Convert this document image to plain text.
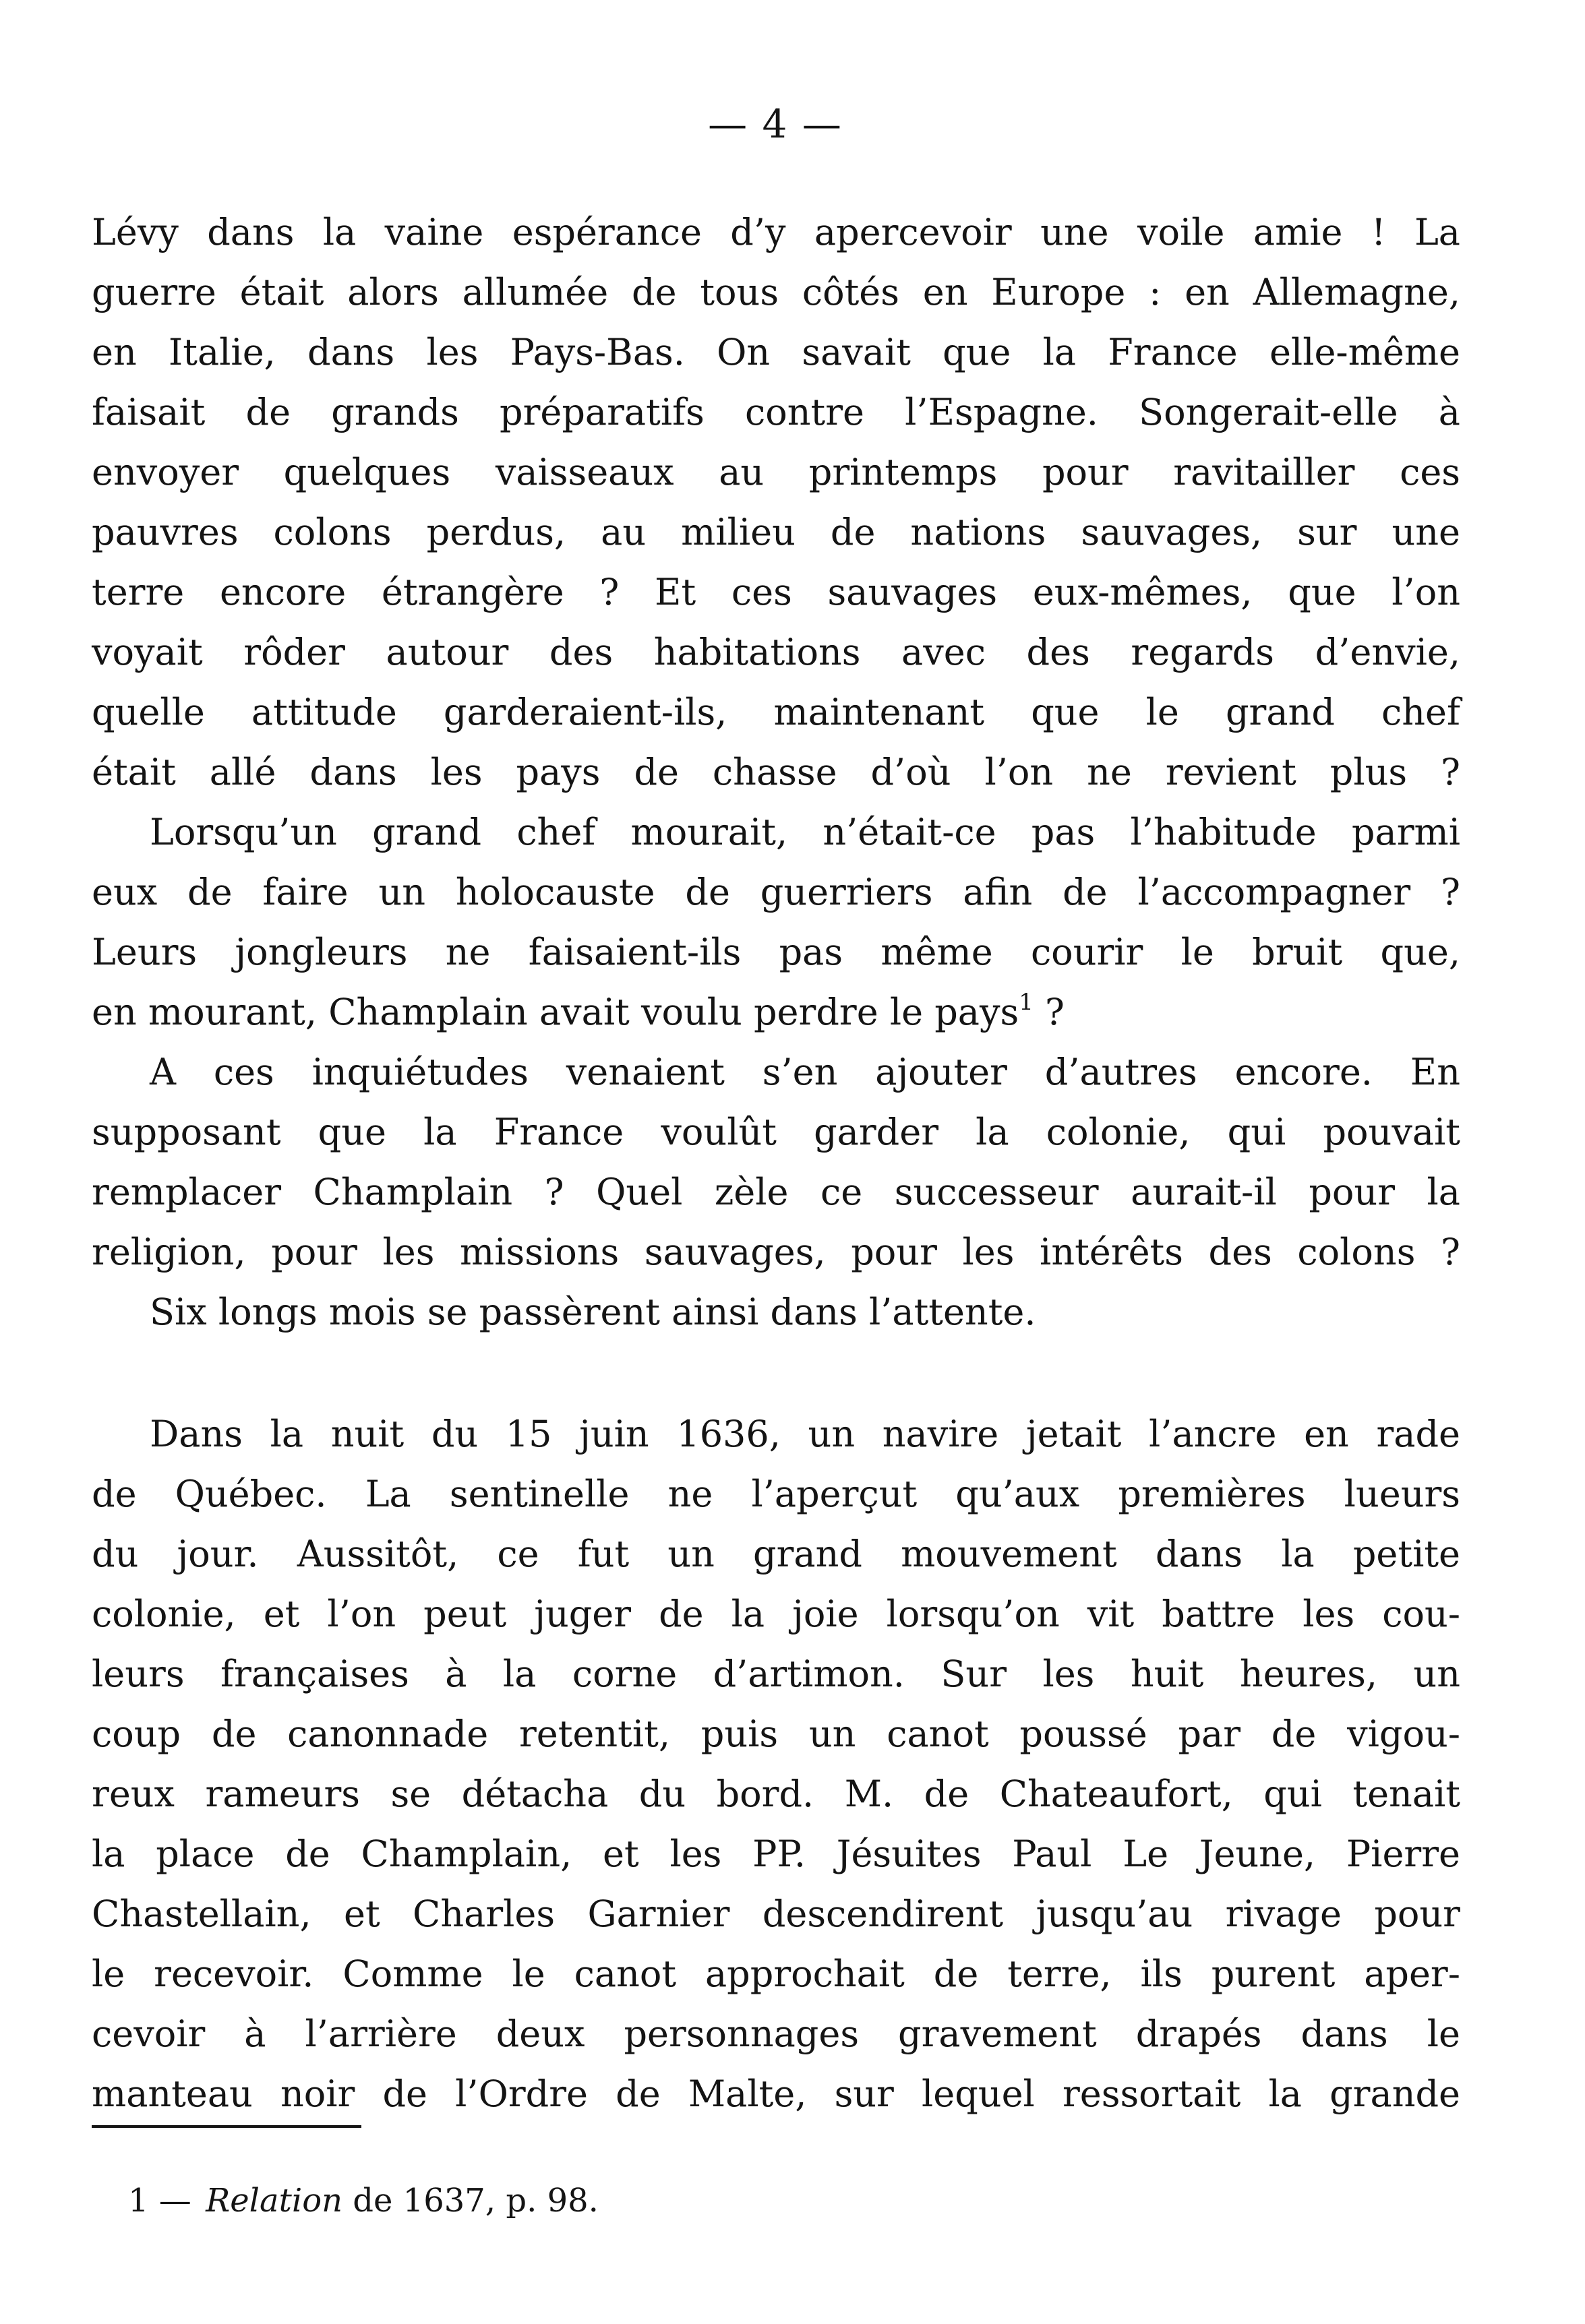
— 4 —
Lévy dans la vaine espérance d’y apercevoir une voile amie ! La
guerre était alors allumée de tous côtés en Europe : en Allemagne,
en Italie, dans les Pays-Bas. On savait que la France elle-même
faisait de grands préparatifs contre l’Espagne. Songerait-elle à
envoyer quelques vaisseaux au printemps pour ravitailler ces
pauvres colons perdus, au milieu de nations sauvages, sur une
terre encore étrangère ? Et ces sauvages eux-mêmes, que l’on
voyait rôder autour des habitations avec des regards d’envie,
quelle attitude garderaient-ils, maintenant que le grand chef
était allé dans les pays de chasse d’où l’on ne revient plus ?
Lorsqu’un grand chef mourait, n’était-ce pas l’habitude parmi
eux de faire un holocauste de guerriers afin de l’accompagner ?
Leurs jongleurs ne faisaient-ils pas même courir le bruit que,
en mourant, Champlain avait voulu perdre le pays$^1$ ?
A ces inquiétudes venaient s’en ajouter d’autres encore. En
supposant que la France voulût garder la colonie, qui pouvait
remplacer Champlain ? Quel zèle ce successeur aurait-il pour la
religion, pour les missions sauvages, pour les intérêts des colons ?
Six longs mois se passèrent ainsi dans l’attente.
Dans la nuit du 15 juin 1636, un navire jetait l’ancre en rade
de Québec. La sentinelle ne l’aperçut qu’aux premières lueurs
du jour. Aussitôt, ce fut un grand mouvement dans la petite
colonie, et l’on peut juger de la joie lorsqu’on vit battre les cou-
leurs françaises à la corne d’artimon. Sur les huit heures, un
coup de canonnade retentit, puis un canot poussé par de vigou-
reux rameurs se détacha du bord. M. de Chateaufort, qui tenait
la place de Champlain, et les PP. Jésuites Paul Le Jeune, Pierre
Chastellain, et Charles Garnier descendirent jusqu’au rivage pour
le recevoir. Comme le canot approchait de terre, ils purent aper-
cevoir à l’arrière deux personnages gravement drapés dans le
manteau noir de l’Ordre de Malte, sur lequel ressortait la grande
1 — Relation de 1637, p. 98.
